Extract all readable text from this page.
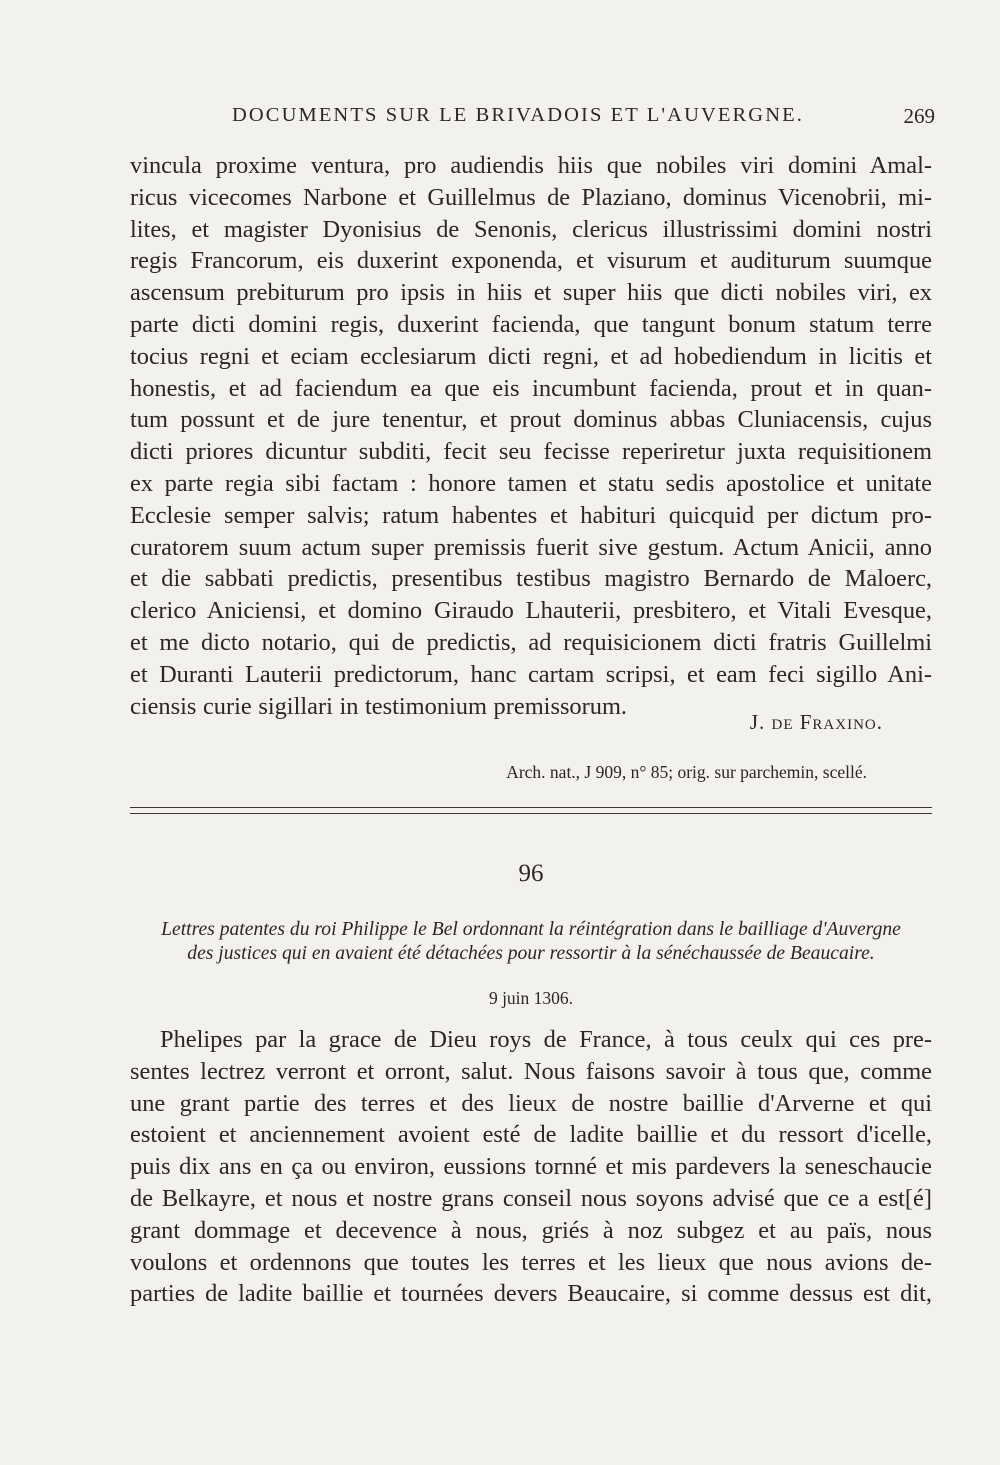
DOCUMENTS SUR LE BRIVADOIS ET L'AUVERGNE.	269
vincula proxime ventura, pro audiendis hiis que nobiles viri domini Amal-
ricus vicecomes Narbone et Guillelmus de Plaziano, dominus Vicenobrii, mi-
lites, et magister Dyonisius de Senonis, clericus illustrissimi domini nostri
regis Francorum, eis duxerint exponenda, et visurum et auditurum suumque
ascensum prebiturum pro ipsis in hiis et super hiis que dicti nobiles viri, ex
parte dicti domini regis, duxerint facienda, que tangunt bonum statum terre
tocius regni et eciam ecclesiarum dicti regni, et ad hobediendum in licitis et
honestis, et ad faciendum ea que eis incumbunt facienda, prout et in quan-
tum possunt et de jure tenentur, et prout dominus abbas Cluniacensis, cujus
dicti priores dicuntur subditi, fecit seu fecisse reperiretur juxta requisitionem
ex parte regia sibi factam : honore tamen et statu sedis apostolice et unitate
Ecclesie semper salvis; ratum habentes et habituri quicquid per dictum pro-
curatorem suum actum super premissis fuerit sive gestum. Actum Anicii, anno
et die sabbati predictis, presentibus testibus magistro Bernardo de Maloerc,
clerico Aniciensi, et domino Giraudo Lhauterii, presbitero, et Vitali Evesque,
et me dicto notario, qui de predictis, ad requisicionem dicti fratris Guillelmi
et Duranti Lauterii predictorum, hanc cartam scripsi, et eam feci sigillo Ani-
ciensis curie sigillari in testimonium premissorum.
J. de Fraxino.
Arch. nat., J 909, n° 85; orig. sur parchemin, scellé.
96
Lettres patentes du roi Philippe le Bel ordonnant la réintégration dans le bailliage d'Auvergne
des justices qui en avaient été détachées pour ressortir à la sénéchaussée de Beaucaire.
9 juin 1306.
Phelipes par la grace de Dieu roys de France, à tous ceulx qui ces pre-
sentes lectrez verront et orront, salut. Nous faisons savoir à tous que, comme
une grant partie des terres et des lieux de nostre baillie d'Arverne et qui
estoient et anciennement avoient esté de ladite baillie et du ressort d'icelle,
puis dix ans en ça ou environ, eussions tornné et mis pardevers la seneschaucie
de Belkayre, et nous et nostre grans conseil nous soyons advisé que ce a est[é]
grant dommage et decevence à nous, griés à noz subgez et au païs, nous
voulons et ordennons que toutes les terres et les lieux que nous avions de-
parties de ladite baillie et tournées devers Beaucaire, si comme dessus est dit,
